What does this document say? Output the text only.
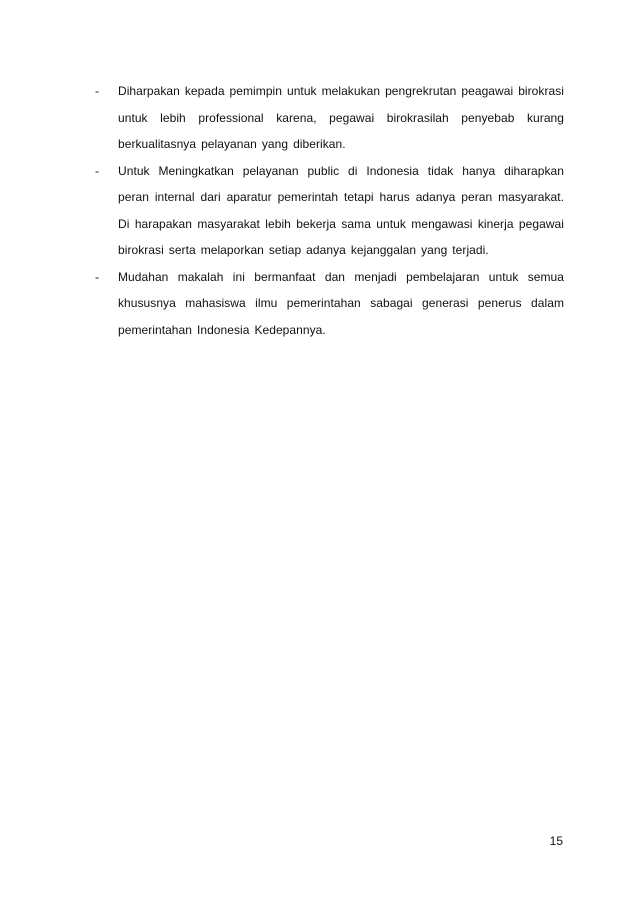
- Diharpakan kepada pemimpin untuk melakukan pengrekrutan peagawai birokrasi untuk lebih professional karena, pegawai birokrasilah penyebab kurang berkualitasnya pelayanan yang diberikan.
- Untuk Meningkatkan pelayanan public di Indonesia tidak hanya diharapkan peran internal dari aparatur pemerintah tetapi harus adanya peran masyarakat. Di harapakan masyarakat lebih bekerja sama untuk mengawasi kinerja pegawai birokrasi serta melaporkan setiap adanya kejanggalan yang terjadi.
- Mudahan makalah ini bermanfaat dan menjadi pembelajaran untuk semua khususnya mahasiswa ilmu pemerintahan sabagai generasi penerus dalam pemerintahan Indonesia Kedepannya.
15
